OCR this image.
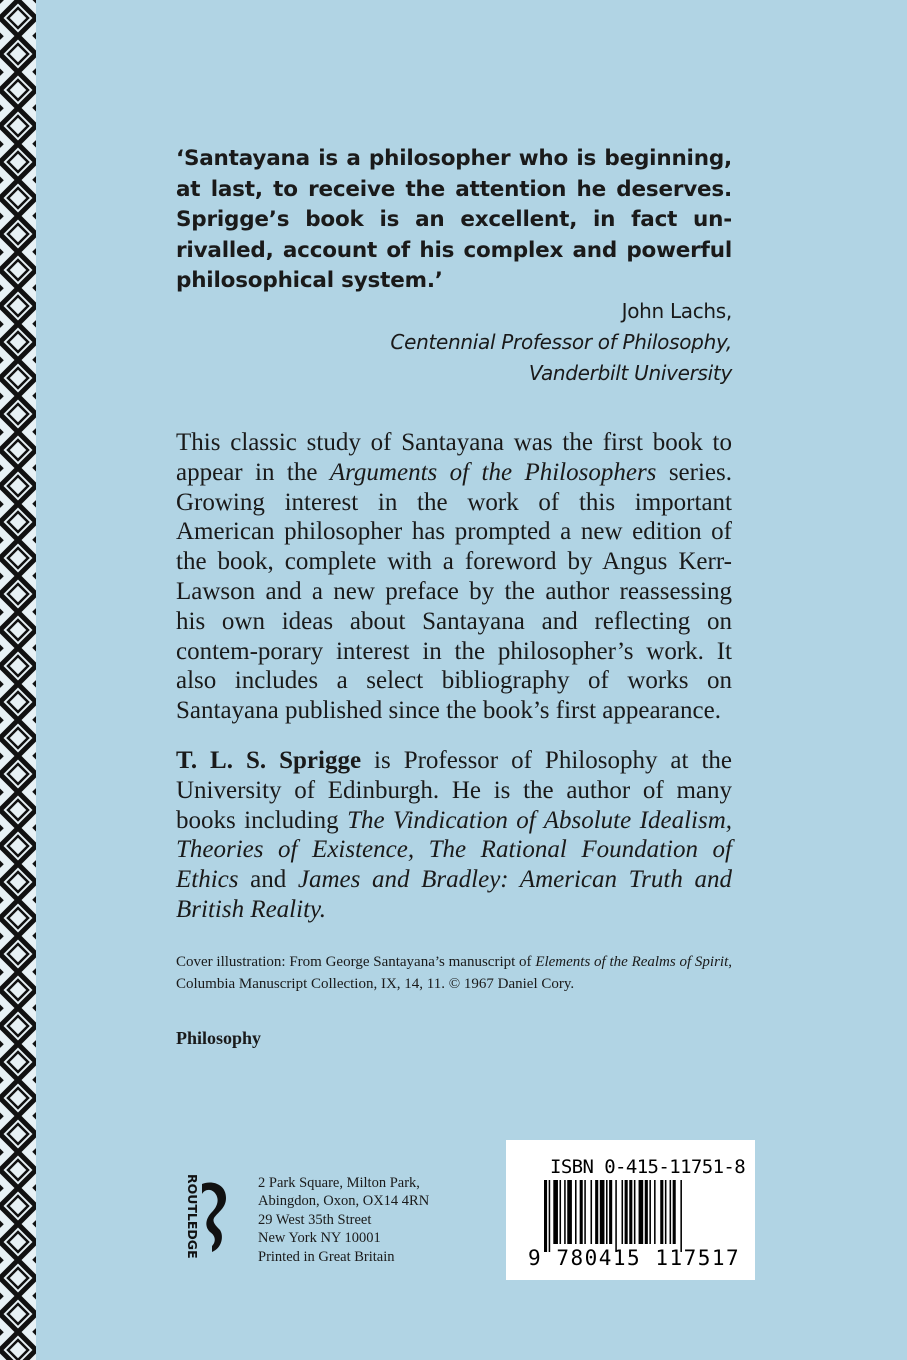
‘Santayana is a philosopher who is beginning, at last, to receive the attention he deserves. Sprigge’s book is an excellent, in fact un-rivalled, account of his complex and powerful philosophical system.’
John Lachs,
Centennial Professor of Philosophy,
Vanderbilt University
This classic study of Santayana was the first book to appear in the Arguments of the Philosophers series. Growing interest in the work of this important American philosopher has prompted a new edition of the book, complete with a foreword by Angus Kerr-Lawson and a new preface by the author reassessing his own ideas about Santayana and reflecting on contem-porary interest in the philosopher’s work. It also includes a select bibliography of works on Santayana published since the book’s first appearance.
T. L. S. Sprigge is Professor of Philosophy at the University of Edinburgh. He is the author of many books including The Vindication of Absolute Idealism, Theories of Existence, The Rational Foundation of Ethics and James and Bradley: American Truth and British Reality.
Cover illustration: From George Santayana’s manuscript of Elements of the Realms of Spirit, Columbia Manuscript Collection, IX, 14, 11. © 1967 Daniel Cory.
Philosophy
ROUTLEDGE	2 Park Square, Milton Park,
Abingdon, Oxon, OX14 4RN
29 West 35th Street
New York NY 10001
Printed in Great Britain
ISBN 0-415-11751-8
9 780415 117517
